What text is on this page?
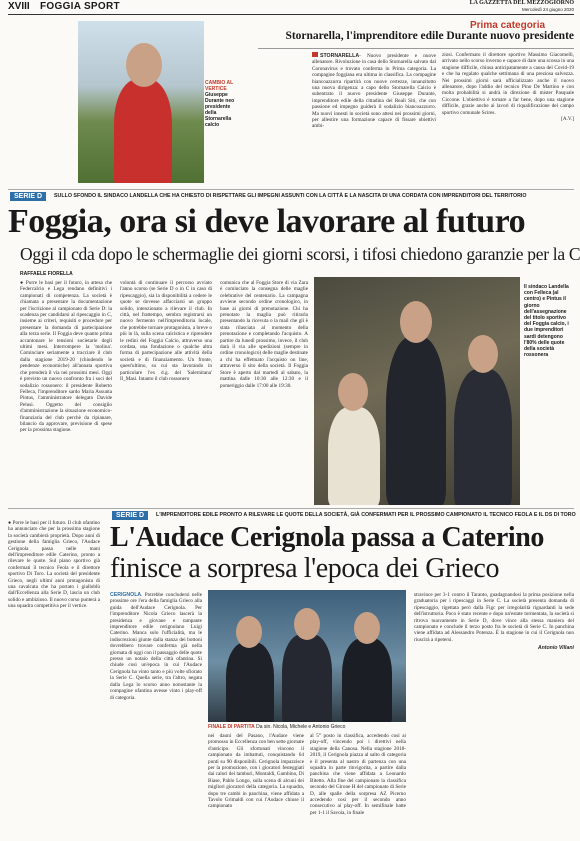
XVIII FOGGIA SPORT	LA GAZZETTA DEL MEZZOGIORNO
Mercoledì 24 giugno 2020
CAMBIO AL VERTICE
Giuseppe Durante neo presidente della Stornarella calcio
Prima categoria
Stornarella, l'imprenditore edile Durante nuovo presidente
STORNARELLA- Nuovo presidente e nuove allenatore. Rivoluzione in casa dello Stornarella salvato dal Coronavirus e trovato conferma in Prima categoria. La compagine foggiana era ultima in classifica. La compagine biancoazzurra ripartirà con nuove certezze, innanzitutto una nuova dirigenza: a capo dello Stornarella Calcio è subentrato il nuovo presidente Giuseppe Durante, imprenditore edile della cittadina dei Reali Siti, che con passione ed impegno guiderà il sodalizio biancoazzurro. Ma nuovi innesti in società sono attesi nei prossimi giorni, per allestire una formazione capace di fissare obiettivi ambi-
ziosi. Confermato il direttore sportivo Massimo Giacomelli, arrivato nello scorso inverno e capace di dare una scossa in una stagione difficile, chiusa anticipatamente a causa del Covid-19 e che ha regalato qualche settimana di una preziosa salvezza. Nei prossimi giorni sarà ufficializzato anche il nuovo allenatore, dopo l'addio del tecnico Pino De Martino e con molta probabilità si andrà in direzione di mister Pasquale Ciccone. L'obiettivo è tornare a far bene, dopo una stagione difficile, grazie anche ai lavori di riqualificazione del campo sportivo comunale Scires.
[A.V.]
SERIE D	SULLO SFONDO IL SINDACO LANDELLA CHE HA CHIESTO DI RISPETTARE GLI IMPEGNI ASSUNTI CON LA CITTÀ E LA NASCITA DI UNA CORDATA CON IMPRENDITORI DEL TERRITORIO
Foggia, ora si deve lavorare al futuro
Oggi il cda dopo le schermaglie dei giorni scorsi, i tifosi chiedono garanzie per la C
RAFFAELE FIORELLA
● Porre le basi per il futuro, in attesa che Federcalcio e Lega rendano definitivi i campionati di competenza. La società è chiamata a presentare la documentazione per l'iscrizione al campionato di Serie D: la scadenza per candidarsi al ripescaggio in C, insieme ai criteri, requisiti e procedure per presentare la domanda di partecipazione alla terza serie. Il Foggia deve quanto prima accantonare le tensioni societarie degli ultimi mesi. Interrompere la 'molina'. Cominciare seriamente a tracciare il club dalla stagione 2019-20 (chiudendo le pendenze economiche) all'annata sportiva che prenderà il via nei prossimi mesi. Oggi è previsto un nuovo confronto fra i soci del sodalizio rossonero: il presidente Roberto Felleca, l'imprenditore sardo Maria Assunta Pintus, l'amministratore delegato Davide Pelusi. Oggetto del consiglio d'amministrazione la situazione economico-finanziaria del club perchè da ripianare, bilancio da approvare, previsione di spese per la prossima stagione.
volontà di continuare il percorso avviato l'anno scorso (se Serie D o in C in caso di ripescaggio), sia la disponibilità a cedere le quote se dovesse affacciarsi un gruppo solido, intenzionato a rilevare il club. In città, nel frattempo, sembra registrarsi un nuovo fermento nell'imprenditoria locale, che potrebbe tornare protagonista, a breve o più in là, sulla scena calcistica e riprendere le redini del Foggia Calcio, attraverso una cordata, una fondazione o qualche altra forma di partecipazione alle attività della società e di finanziamento. Un fronte, quest'ultimo, su cui sta lavorando in particolare l'ex d.g. del 'Salernitana' Il_Masi. Intanto il club rossonero
comunica che al Foggia Store di via Zara è cominciato la consegna delle maglie celebrative del centenario. La campagna avviene secondo ordine cronologico, in base ai giorni di prenotazione. Chi ha prenotato la maglia può ritirarla presentando la ricevuta o la mail che gli è stata rilasciata al momento della prenotazione e completando l'acquisto. A partire da lunedì prossimo, invece, il club darà il via alle spedizioni (sempre in ordine cronologico) delle maglie destinate a chi ha effettuato l'acquisto on line, attraverso il sito della società. Il Foggia Store è aperto dal martedì al sabato, la mattina dalle 10:30 alle 12:30 e il pomeriggio dalle 17:00 alle 19:30.
Il sindaco Landella con Felleca (al centro) e Pintus il giorno dell'assegnazione del titolo sportivo del Foggia calcio, i due imprenditori sardi detengono l'80% delle quote della società rossonera
SERIE D	L'IMPRENDITORE EDILE PRONTO A RILEVARE LE QUOTE DELLA SOCIETÀ, GIÀ CONFERMATI PER IL PROSSIMO CAMPIONATO IL TECNICO FEOLA E IL DS DI TORO
● Porre le basi per il futuro. Il club ofantino ha annunciato che per la prossima stagione la società cambierà proprietà. Dopo anni di gestione della famiglia Grieco, l'Audace Cerignola passa nelle mani dell'imprenditore edile Caterino, pronto a rilevare le quote. Sul piano sportivo già confermati il tecnico Feola e il direttore sportivo Di Toro. La società del presidente Grieco, negli ultimi anni protagonista di una cavalcata che ha portato i gialloblù dall'Eccellenza alla Serie D, lascia un club solido e ambizioso. Il nuovo corso punterà a una squadra competitiva per il vertice.
L'Audace Cerignola passa a Caterino
finisce a sorpresa l'epoca dei Grieco
CERIGNOLA. Potrebbe concludersi nelle prossime ore l'era della famiglia Grieco alla guida dell'Audace Cerignola. Per l'imprenditore Nicola Grieco lascerà la presidenza e giovane e rampante imprenditore edile cerignolano Luigi Caterino. Manca solo l'ufficialità, ma le indiscrezioni giunte dalla stanza dei bottoni dovrebbero trovare conferma già nella giornata di oggi con il passaggio delle quote presso un notaio della città ofantina. Si chiude così un'epoca in cui l'Audace Cerignola ha vinto tanto e più volte sfiorato la Serie C. Quella serie, tra l'altro, negata dalla Lega lo scorso anno nonostante la compagine ofantina avesse vinto i play-off di categoria.
FINALE DI PARTITA Da sin. Nicola, Michele e Antonio Grieco
nei dauni del Pasano, l'Audace viene promosso in Eccellenza con ben sette giornate d'anticipo. Gli sfortunati vincono il campionato da imbattuti, conquistando 64 punti su 90 disponibili. Cerignola impazzisce per la promozione, con i giocatori festeggiati dai calori dei tamburi, Montaldi, Gambino, Di Biase, Pablo Longo, sulla scena di alcuni dei migliori giocatori della categoria. La squadra, dopo tre cambi in panchina, viene affidata a Tavolo Grimaldi con cui l'Audace chiuse il campionato
al 5° posto in classifica, accedendo così ai play-off, vincendo poi i direttivi nella stagione della Canosa. Nella stagione 2018-2019, il Cerignola piazza al salto di categoria e il presenta al nastro di partenza con una squadra in parte rinvigorita, a partire dalla panchina che viene affidata a Leonardo Bitetto. Alla fine del campionato la classifica secondo del Girone H del campionato di Serie D, alle spalle della sorpresa AZ Picerno accedendo così per il secondo anno consecutivo ai play-off. In semifinale batte per 1-1 il Savoia, in finale
stravince per 3-1 contro il Taranto, guadagnandosi la prima posizione nella graduatoria per i ripescaggi in Serie C. La società presenta domanda di ripescaggio, rigettata però dalla Figc per irregolarità riguardanti la sede dell'istruttoria. Poco è stato recente e dopo un'estate tormentata, la società si ritrova nuovamente in Serie D, dove vince alla stessa maniera del campionato e conclude il terzo posto fra le società di Serie C. In panchina viene affidata ad Alessandro Potenza. È la stagione in cui il Cerignola non riuscirà a ripetersi.
Antonio Villani
